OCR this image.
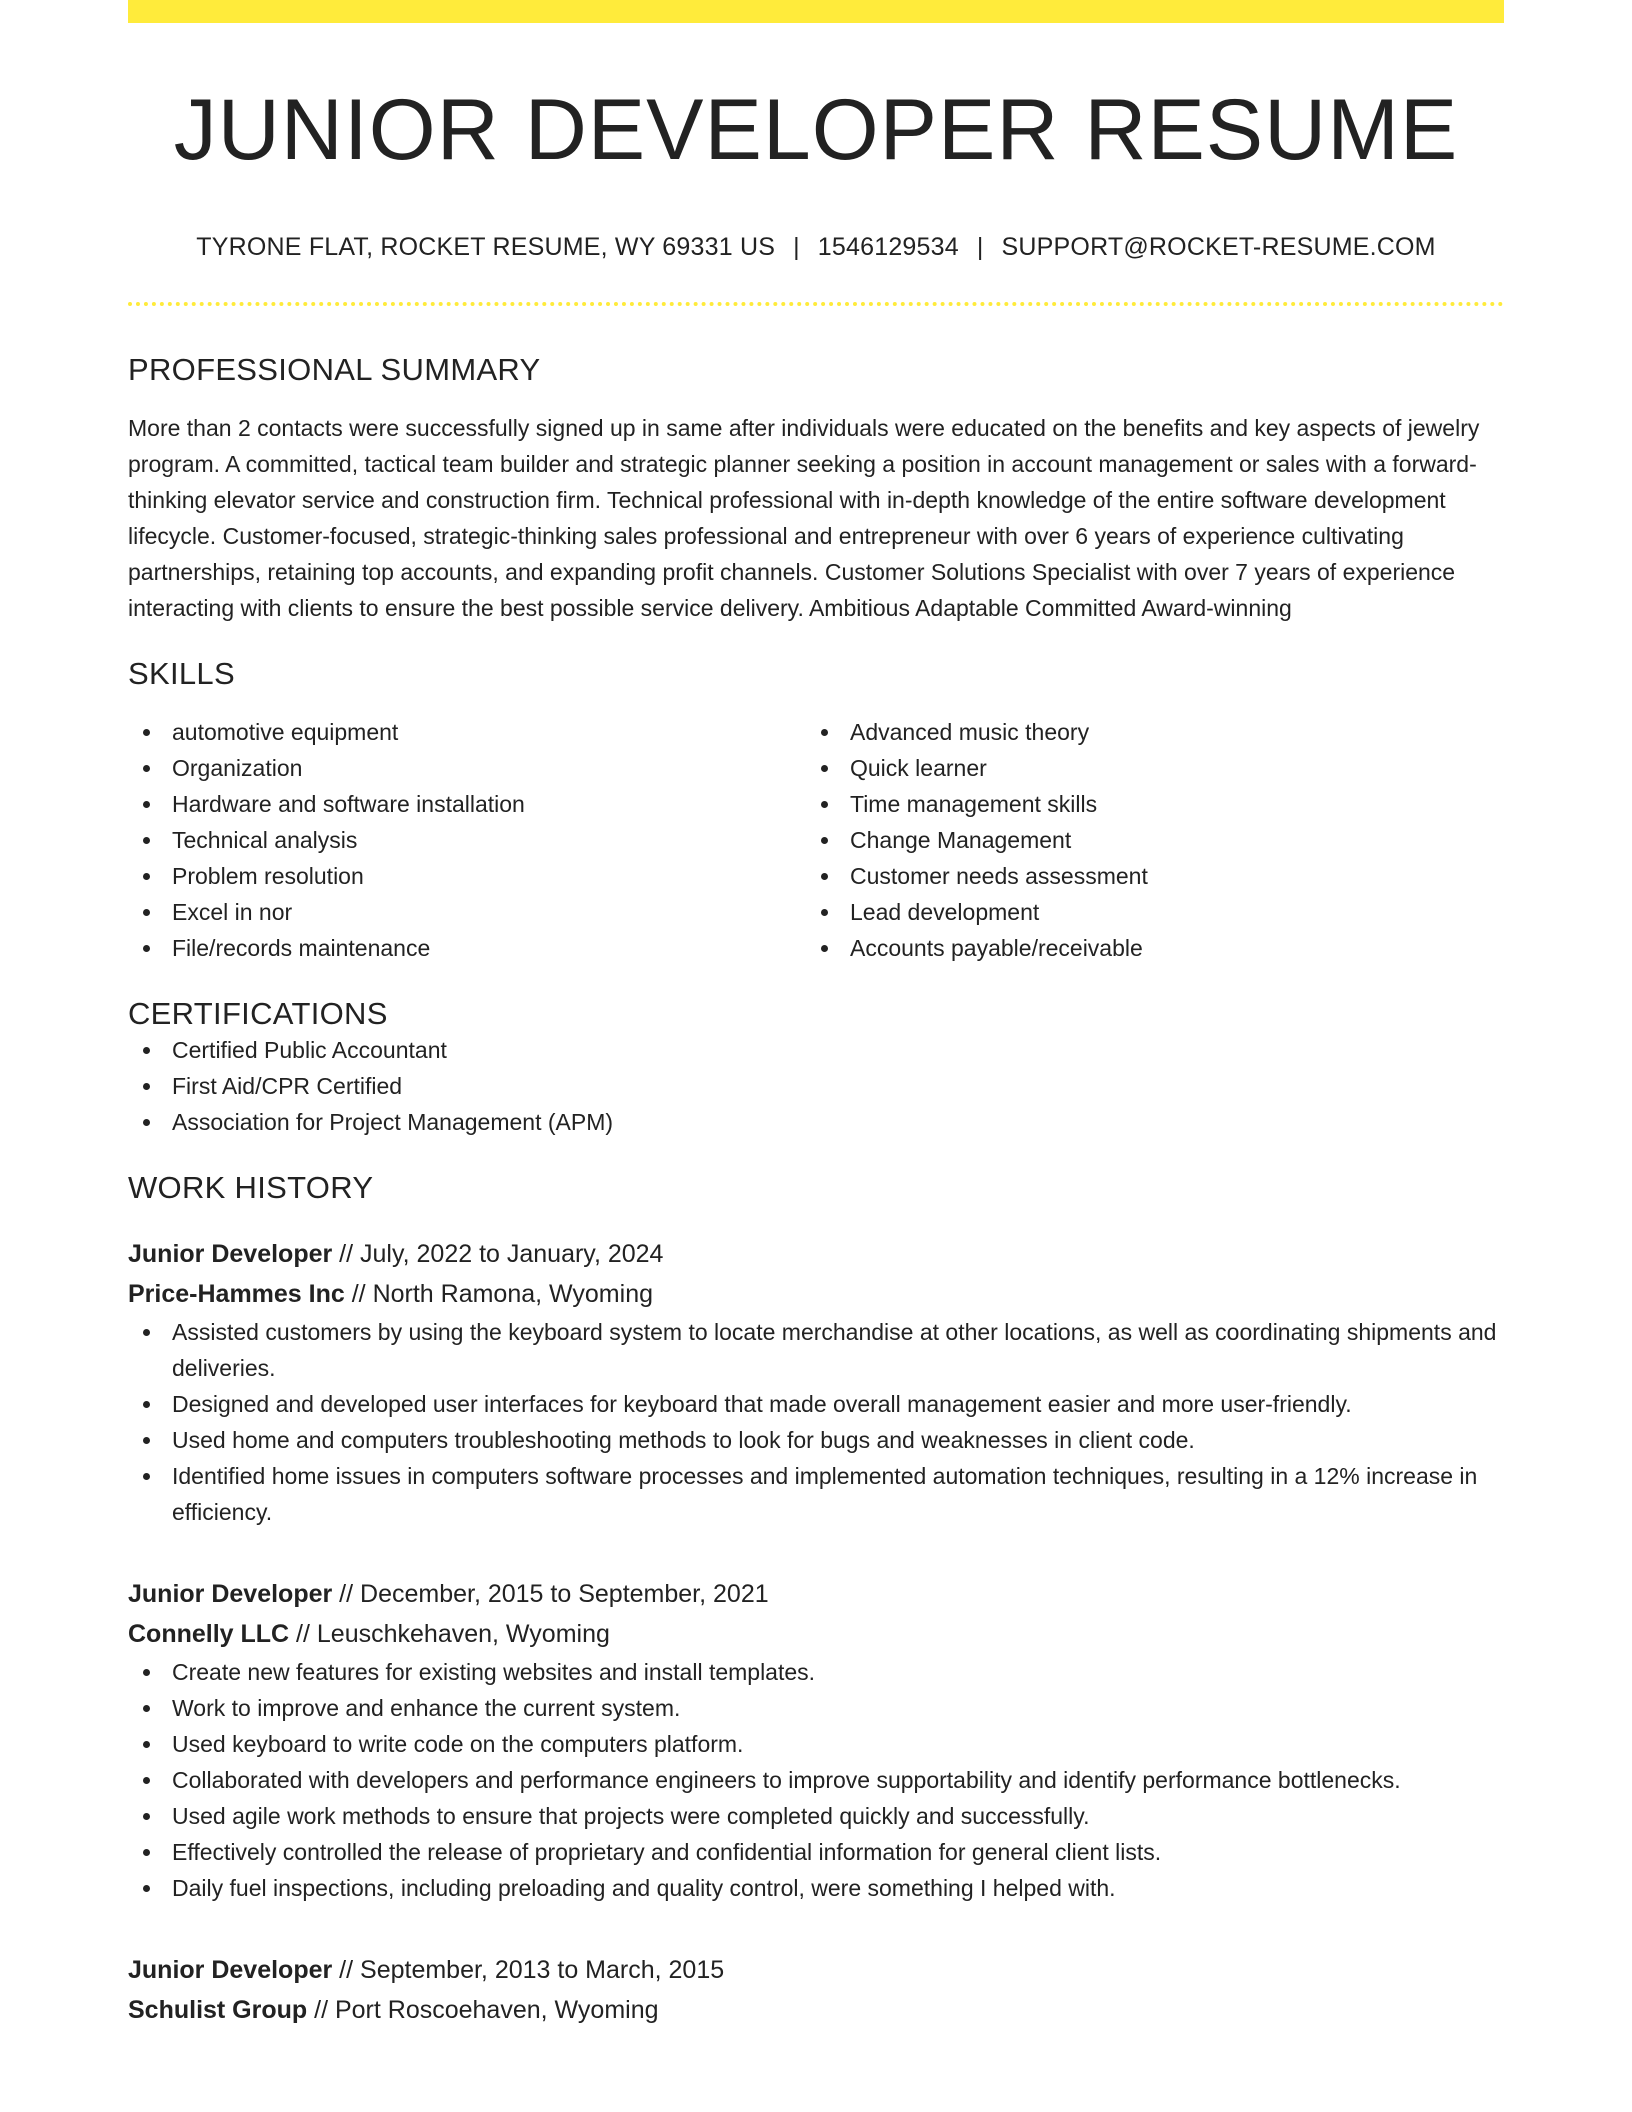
JUNIOR DEVELOPER RESUME
TYRONE FLAT, ROCKET RESUME, WY 69331 US | 1546129534 | SUPPORT@ROCKET-RESUME.COM
PROFESSIONAL SUMMARY

More than 2 contacts were successfully signed up in same after individuals were educated on the benefits and key aspects of jewelry program. A committed, tactical team builder and strategic planner seeking a position in account management or sales with a forward-thinking elevator service and construction firm. Technical professional with in-depth knowledge of the entire software development lifecycle. Customer-focused, strategic-thinking sales professional and entrepreneur with over 6 years of experience cultivating partnerships, retaining top accounts, and expanding profit channels. Customer Solutions Specialist with over 7 years of experience interacting with clients to ensure the best possible service delivery. Ambitious Adaptable Committed Award-winning

SKILLS
automotive equipment
Organization
Hardware and software installation
Technical analysis
Problem resolution
Excel in nor
File/records maintenance
Advanced music theory
Quick learner
Time management skills
Change Management
Customer needs assessment
Lead development
Accounts payable/receivable
CERTIFICATIONS
Certified Public Accountant
First Aid/CPR Certified
Association for Project Management (APM)
WORK HISTORY
Junior Developer // July, 2022 to January, 2024
Price-Hammes Inc // North Ramona, Wyoming
Assisted customers by using the keyboard system to locate merchandise at other locations, as well as coordinating shipments and deliveries.
Designed and developed user interfaces for keyboard that made overall management easier and more user-friendly.
Used home and computers troubleshooting methods to look for bugs and weaknesses in client code.
Identified home issues in computers software processes and implemented automation techniques, resulting in a 12% increase in efficiency.
Junior Developer // December, 2015 to September, 2021
Connelly LLC // Leuschkehaven, Wyoming
Create new features for existing websites and install templates.
Work to improve and enhance the current system.
Used keyboard to write code on the computers platform.
Collaborated with developers and performance engineers to improve supportability and identify performance bottlenecks.
Used agile work methods to ensure that projects were completed quickly and successfully.
Effectively controlled the release of proprietary and confidential information for general client lists.
Daily fuel inspections, including preloading and quality control, were something I helped with.
Junior Developer // September, 2013 to March, 2015
Schulist Group // Port Roscoehaven, Wyoming
